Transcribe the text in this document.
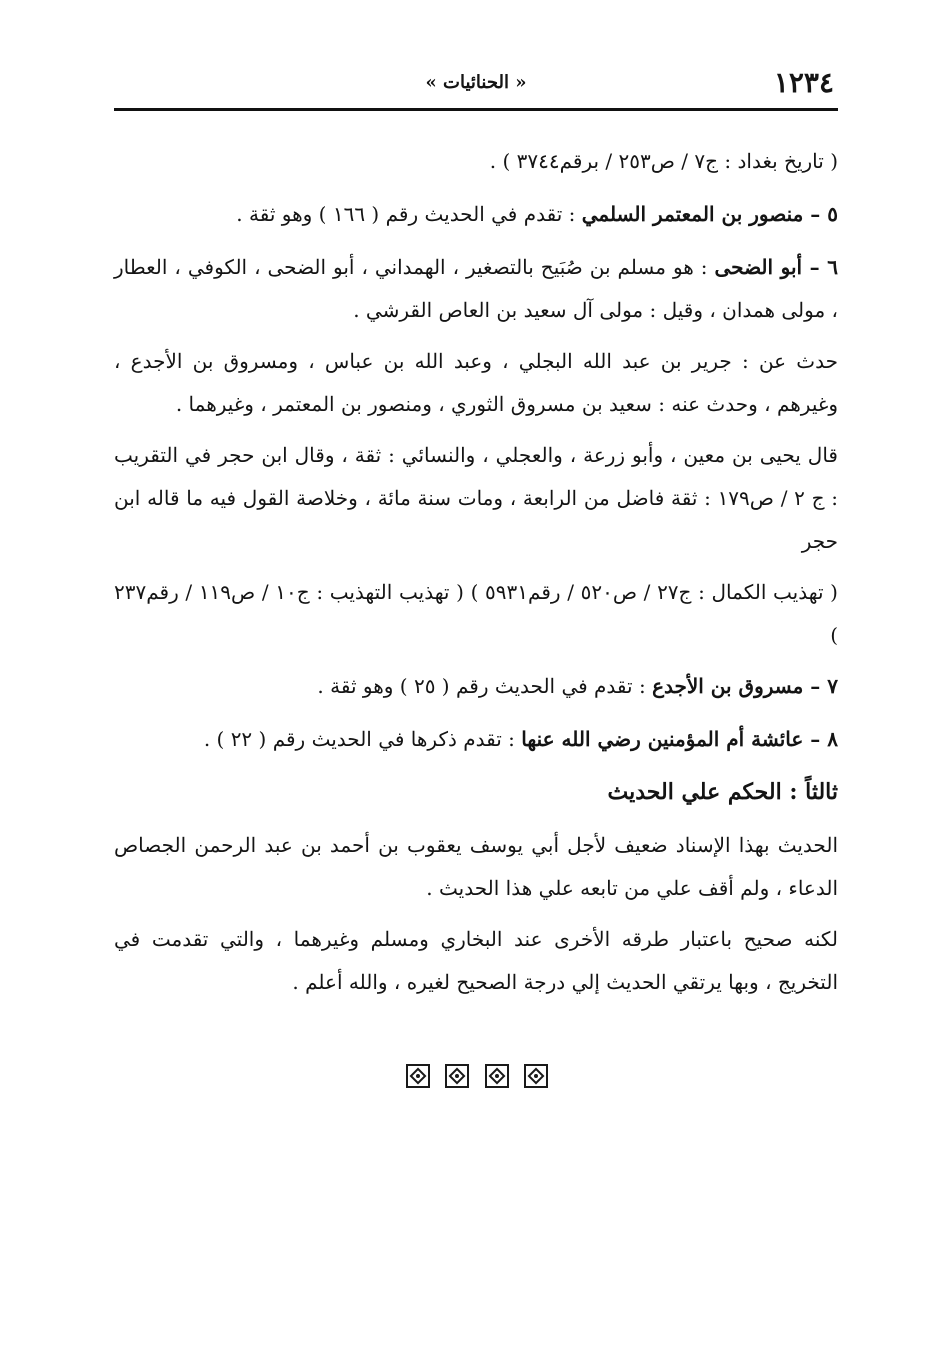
١٢٣٤
« الحنائيات »

( تاريخ بغداد : ج٧ / ص٢٥٣ / برقم٣٧٤٤ ) .

٥ – منصور بن المعتمر السلمي : تقدم في الحديث رقم ( ١٦٦ ) وهو ثقة .

٦ – أبو الضحى : هو مسلم بن صُبَيح بالتصغير ، الهمداني ، أبو الضحى ، الكوفي ، العطار ، مولى همدان ، وقيل : مولى آل سعيد بن العاص القرشي .

حدث عن : جرير بن عبد الله البجلي ، وعبد الله بن عباس ، ومسروق بن الأجدع ، وغيرهم ، وحدث عنه : سعيد بن مسروق الثوري ، ومنصور بن المعتمر ، وغيرهما .

قال يحيى بن معين ، وأبو زرعة ، والعجلي ، والنسائي : ثقة ، وقال ابن حجر في التقريب : ج ٢ / ص١٧٩ : ثقة فاضل من الرابعة ، ومات سنة مائة ، وخلاصة القول فيه ما قاله ابن حجر

( تهذيب الكمال : ج٢٧ / ص٥٢٠ / رقم٥٩٣١ ) ( تهذيب التهذيب : ج١٠ / ص١١٩ / رقم٢٣٧ )

٧ – مسروق بن الأجدع : تقدم في الحديث رقم ( ٢٥ ) وهو ثقة .

٨ – عائشة أم المؤمنين رضي الله عنها : تقدم ذكرها في الحديث رقم ( ٢٢ ) .

ثالثاً : الحكم علي الحديث

الحديث بهذا الإسناد ضعيف لأجل أبي يوسف يعقوب بن أحمد بن عبد الرحمن الجصاص الدعاء ، ولم أقف علي من تابعه علي هذا الحديث .

لكنه صحيح باعتبار طرقه الأخرى عند البخاري ومسلم وغيرهما ، والتي تقدمت في التخريج ، وبها يرتقي الحديث إلي درجة الصحيح لغيره ، والله أعلم .
